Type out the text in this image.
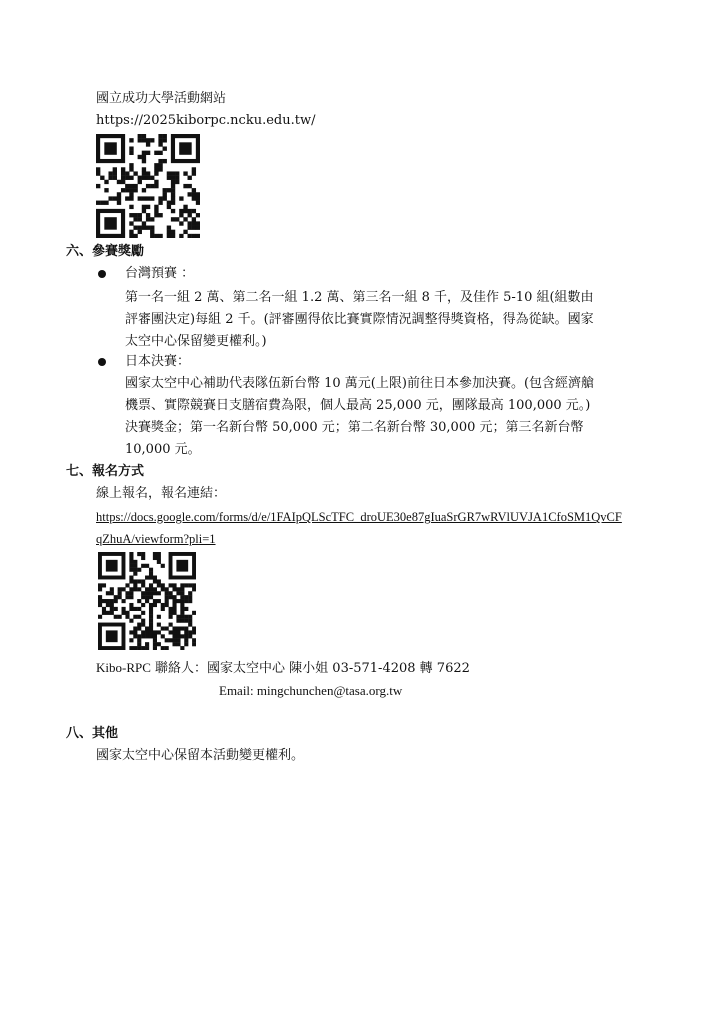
國立成功大學活動網站
https://2025kiborpc.ncku.edu.tw/
六、參賽獎勵
台灣預賽 ：
第一名一組 2 萬、第二名一組 1.2 萬、第三名一組 8 千，及佳作 5-10 組(組數由
評審團決定)每組 2 千。(評審團得依比賽實際情況調整得獎資格，得為從缺。國家
太空中心保留變更權利。)
日本決賽：
國家太空中心補助代表隊伍新台幣 10 萬元(上限)前往日本參加決賽。(包含經濟艙
機票、實際競賽日支膳宿費為限，個人最高 25,000 元，團隊最高 100,000 元。)
決賽獎金；第一名新台幣 50,000 元；第二名新台幣 30,000 元；第三名新台幣
10,000 元。
七、報名方式
線上報名，報名連結：
https://docs.google.com/forms/d/e/1FAIpQLScTFC_droUE30e87gIuaSrGR7wRVlUVJA1CfoSM1QvCF
qZhuA/viewform?pli=1
Kibo-RPC 聯絡人：國家太空中心 陳小姐 03-571-4208 轉 7622
Email: mingchunchen@tasa.org.tw
八、其他
國家太空中心保留本活動變更權利。
